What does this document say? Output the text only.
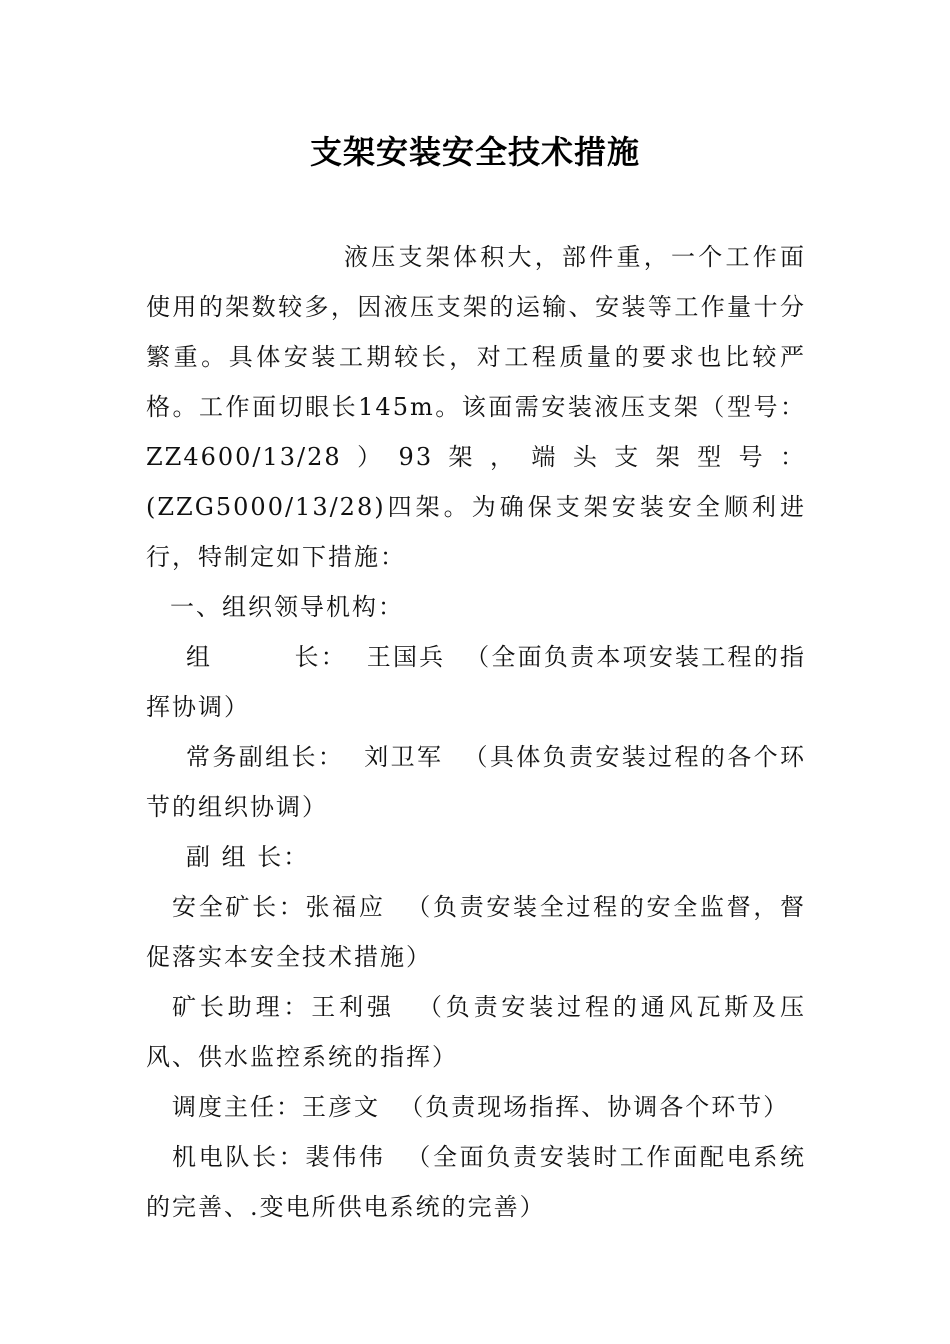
支架安装安全技术措施

液压支架体积大，部件重，一个工作面使用的架数较多，因液压支架的运输、安装等工作量十分繁重。具体安装工期较长，对工程质量的要求也比较严格。工作面切眼长145m。该面需安装液压支架（型号：ZZ4600/13/28）93架，端头支架型号：(ZZG5000/13/28)四架。为确保支架安装安全顺利进行，特制定如下措施：

一、组织领导机构：

组	长： 王国兵 （全面负责本项安装工程的指挥协调）

常务副组长： 刘卫军 （具体负责安装过程的各个环节的组织协调）

副 组 长：

安全矿长：张福应 （负责安装全过程的安全监督，督促落实本安全技术措施）

矿长助理：王利强 （负责安装过程的通风瓦斯及压风、供水监控系统的指挥）

调度主任：王彦文 （负责现场指挥、协调各个环节）

机电队长：裴伟伟 （全面负责安装时工作面配电系统的完善、.变电所供电系统的完善）
